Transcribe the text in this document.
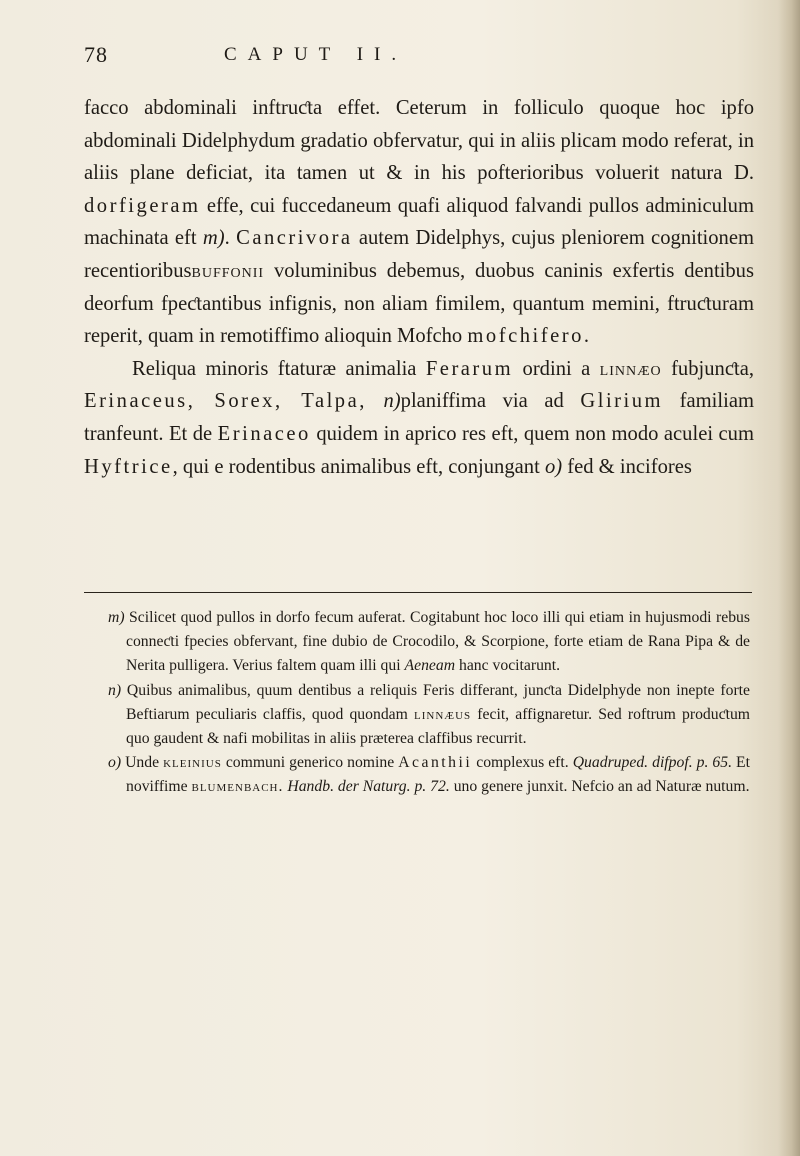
78	CAPUT II.

facco abdominali inftruƈta effet. Ceterum in folliculo quoque hoc ipfo abdominali Didelphydum gradatio obfervatur, qui in aliis plicam modo referat, in aliis plane deficiat, ita tamen ut & in his pofterioribus voluerit natura D. dorfigeram effe, cui fuccedaneum quafi aliquod falvandi pullos adminiculum machinata eft m). Cancrivora autem Didelphys, cujus pleniorem cognitionem recentioribusbuffonii voluminibus debemus, duobus caninis exfertis dentibus deorfum fpeƈtantibus infignis, non aliam fimilem, quantum memini, ftruƈturam reperit, quam in remotiffimo alioquin Mofcho mofchifero.

Reliqua minoris ftaturæ animalia Ferarum ordini a linnæo fubjunƈta, Erinaceus, Sorex, Talpa, n)planiffima via ad Glirium familiam tranfeunt. Et de Erinaceo quidem in aprico res eft, quem non modo aculei cum Hyftrice, qui e rodentibus animalibus eft, conjungant o) fed & incifores

m) Scilicet quod pullos in dorfo fecum auferat. Cogitabunt hoc loco illi qui etiam in hujusmodi rebus conneƈti fpecies obfervant, fine dubio de Crocodilo, & Scorpione, forte etiam de Rana Pipa & de Nerita pulligera. Verius faltem quam illi qui Aeneam hanc vocitarunt.

n) Quibus animalibus, quum dentibus a reliquis Feris differant, junƈta Didelphyde non inepte forte Beftiarum peculiaris claffis, quod quondam linnæus fecit, affignaretur. Sed roftrum produƈtum quo gaudent & nafi mobilitas in aliis præterea claffibus recurrit.

o) Unde kleinius communi generico nomine Acanthii complexus eft. Quadruped. difpof. p. 65. Et noviffime blumenbach. Handb. der Naturg. p. 72. uno genere junxit. Nefcio an ad Naturæ nutum.
